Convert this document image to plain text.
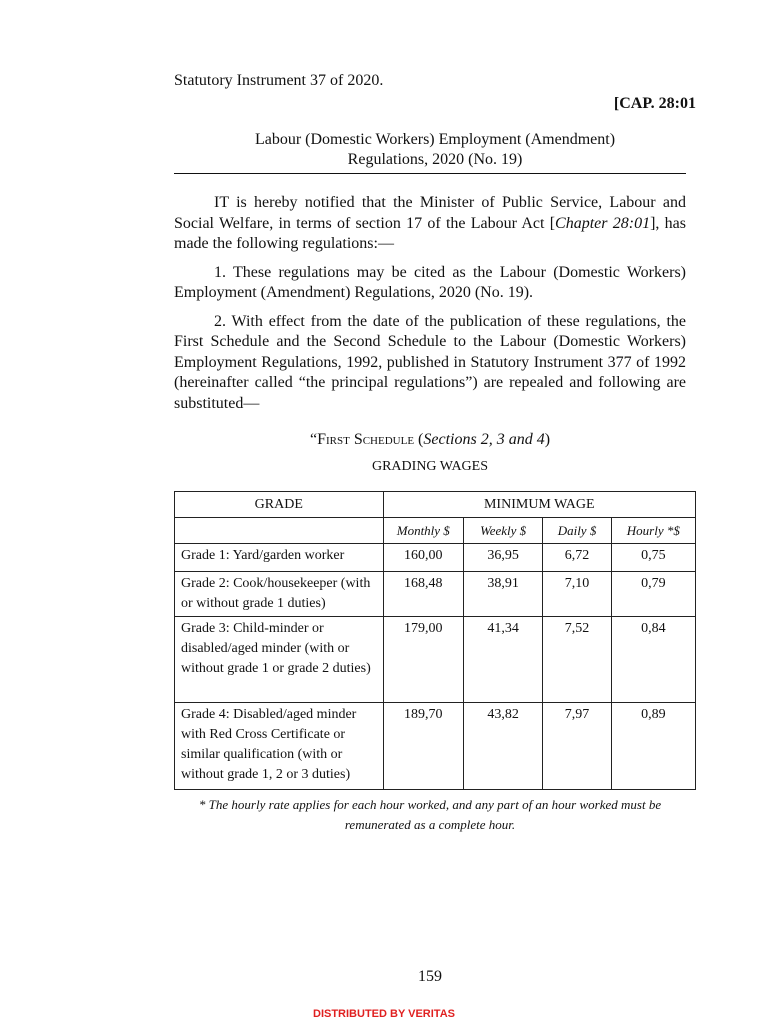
Statutory Instrument 37 of 2020.
[CAP. 28:01
Labour (Domestic Workers) Employment (Amendment)
Regulations, 2020 (No. 19)

IT is hereby notified that the Minister of Public Service, Labour and Social Welfare, in terms of section 17 of the Labour Act [Chapter 28:01], has made the following regulations:—

1. These regulations may be cited as the Labour (Domestic Workers) Employment (Amendment) Regulations, 2020 (No. 19).

2. With effect from the date of the publication of these regulations, the First Schedule and the Second Schedule to the Labour (Domestic Workers) Employment Regulations, 1992, published in Statutory Instrument 377 of 1992 (hereinafter called “the principal regulations”) are repealed and following are substituted—

“First Schedule (Sections 2, 3 and 4)
GRADING WAGES
GRADE	MINIMUM WAGE			
	Monthly $	Weekly $	Daily $	Hourly *$
Grade 1: Yard/garden worker	160,00	36,95	6,72	0,75
Grade 2: Cook/housekeeper (with or without grade 1 duties)	168,48	38,91	7,10	0,79
Grade 3: Child-minder or disabled/aged minder (with or without grade 1 or grade 2 duties)	179,00	41,34	7,52	0,84
Grade 4: Disabled/aged minder with Red Cross Certificate or similar qualification (with or without grade 1, 2 or 3 duties)	189,70	43,82	7,97	0,89
* The hourly rate applies for each hour worked, and any part of an hour worked must be remunerated as a complete hour.
159
DISTRIBUTED BY VERITAS
